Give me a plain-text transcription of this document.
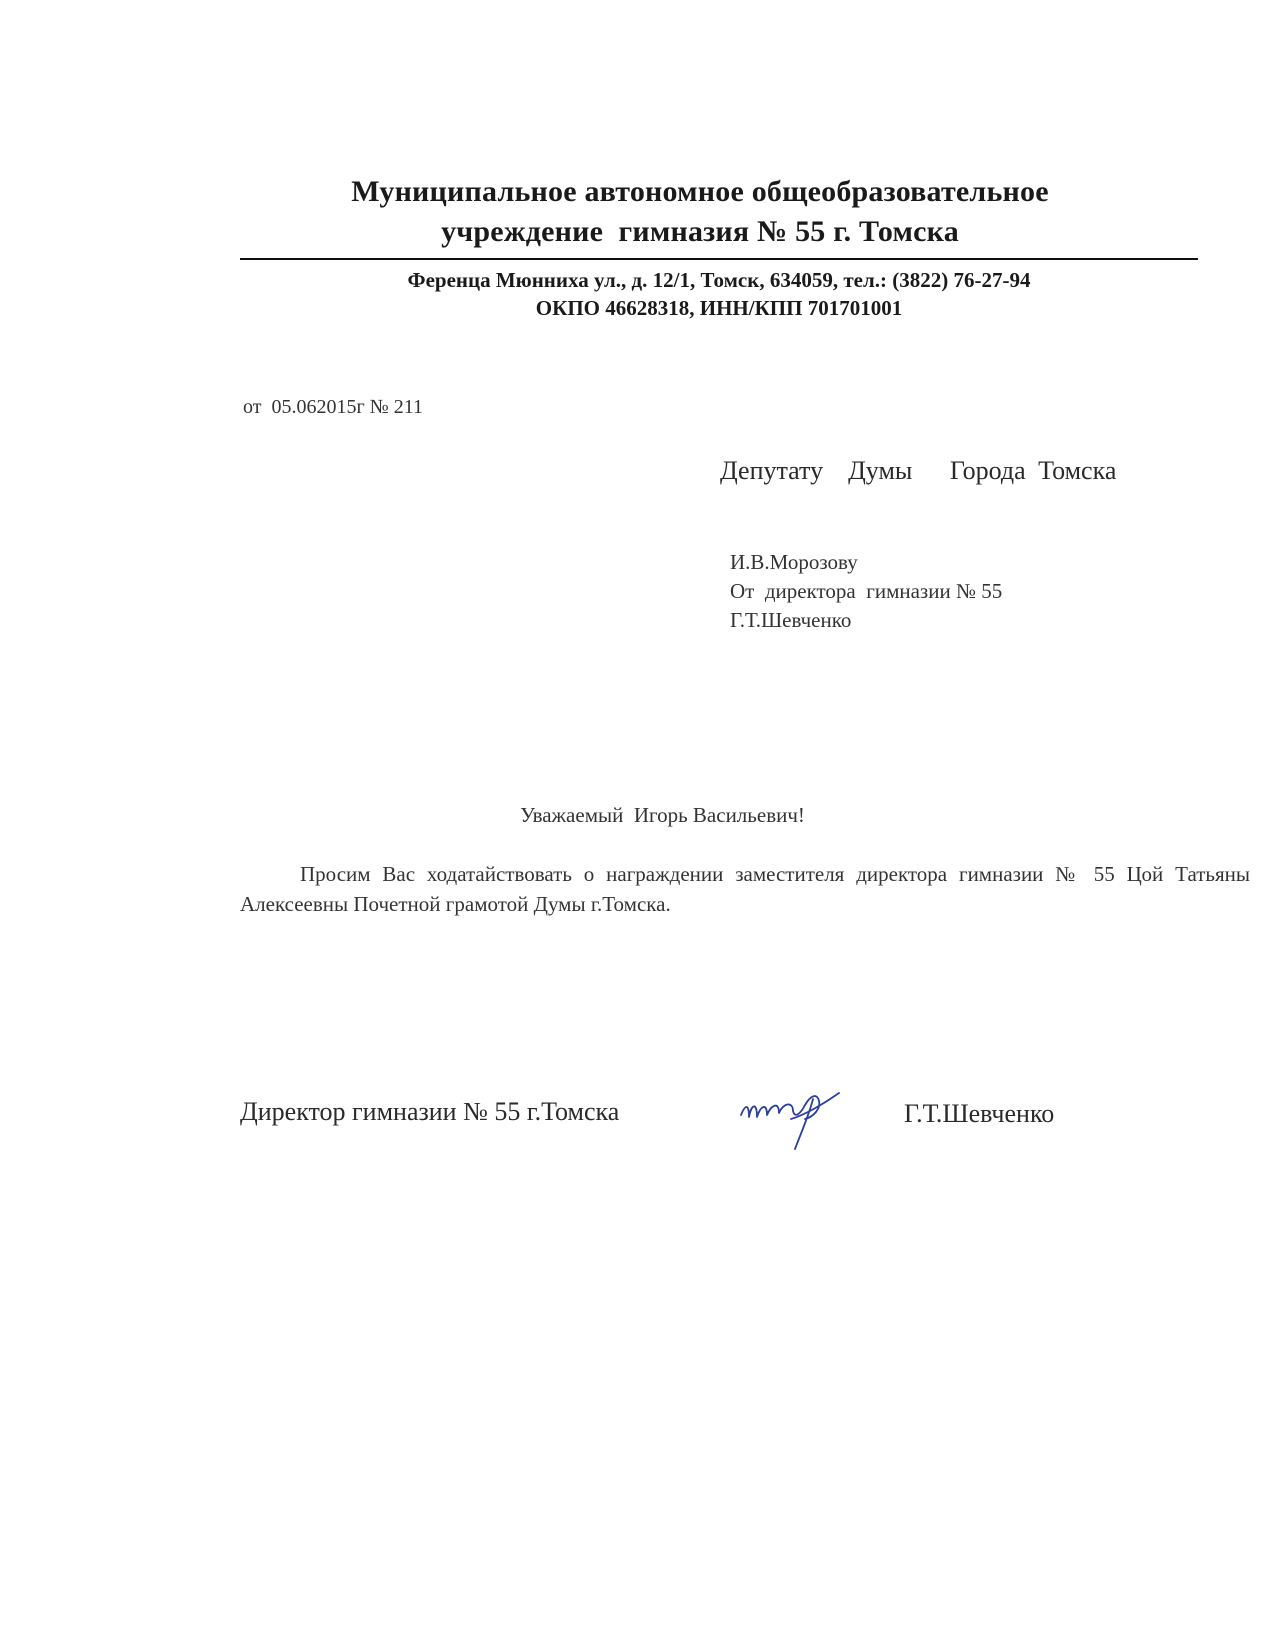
Муниципальное автономное общеобразовательное
учреждение  гимназия № 55 г. Томска
Ференца Мюнниха ул., д. 12/1, Томск, 634059, тел.: (3822) 76-27-94
ОКПО 46628318, ИНН/КПП 701701001
от  05.062015г № 211
Депутату  Думы   Города Томска
И.В.Морозову
От  директора  гимназии № 55
Г.Т.Шевченко
Уважаемый  Игорь Васильевич!
Просим Вас ходатайствовать о награждении заместителя директора гимназии № 55 Цой Татьяны Алексеевны Почетной грамотой Думы г.Томска.
Директор гимназии № 55 г.Томска	Г.Т.Шевченко
